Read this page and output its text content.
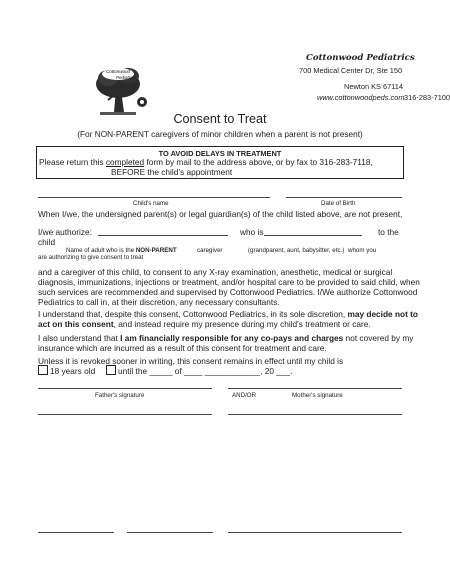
Cottonwood
Pediatrics
Cottonwood Pediatrics
700 Medical Center Dr, Ste 150
Newton KS 67114
www.cottonwoodpeds.com 316-283-7100
Consent to Treat
(For NON-PARENT caregivers of minor children when a parent is not present)
TO AVOID DELAYS IN TREATMENT
Please return this completed form by mail to the address above, or by fax to 316-283-7118,
BEFORE the child’s appointment
Child's name	Date of Birth
When I/we, the undersigned parent(s) or legal guardian(s) of the child listed above, are not present,
I/we authorize:	who is	to the
child
Name of adult who is the NON-PARENT	caregiver	(grandparent, aunt, babysitter, etc.) whom you
are authorizing to give consent to treat
and a caregiver of this child, to consent to any X-ray examination, anesthetic, medical or surgical
diagnosis, immunizations, injections or treatment, and/or hospital care to be provided to said child, when
such services are recommended and supervised by Cottonwood Pediatrics. I/We authorize Cottonwood
Pediatrics to call in, at their discretion, any necessary consultants.
I understand that, despite this consent, Cottonwood Pediatrics, in its sole discretion, may decide not to
act on this consent, and instead require my presence during my child's treatment or care.
I also understand that I am financially responsible for any co-pays and charges not covered by my
insurance which are incurred as a result of this consent for treatment and care.
Unless it is revoked sooner in writing, this consent remains in effect until my child is
18 years old	until the _____ of ____ ____________, 20 ___.
Father's signature	AND/OR	Mother's signature
